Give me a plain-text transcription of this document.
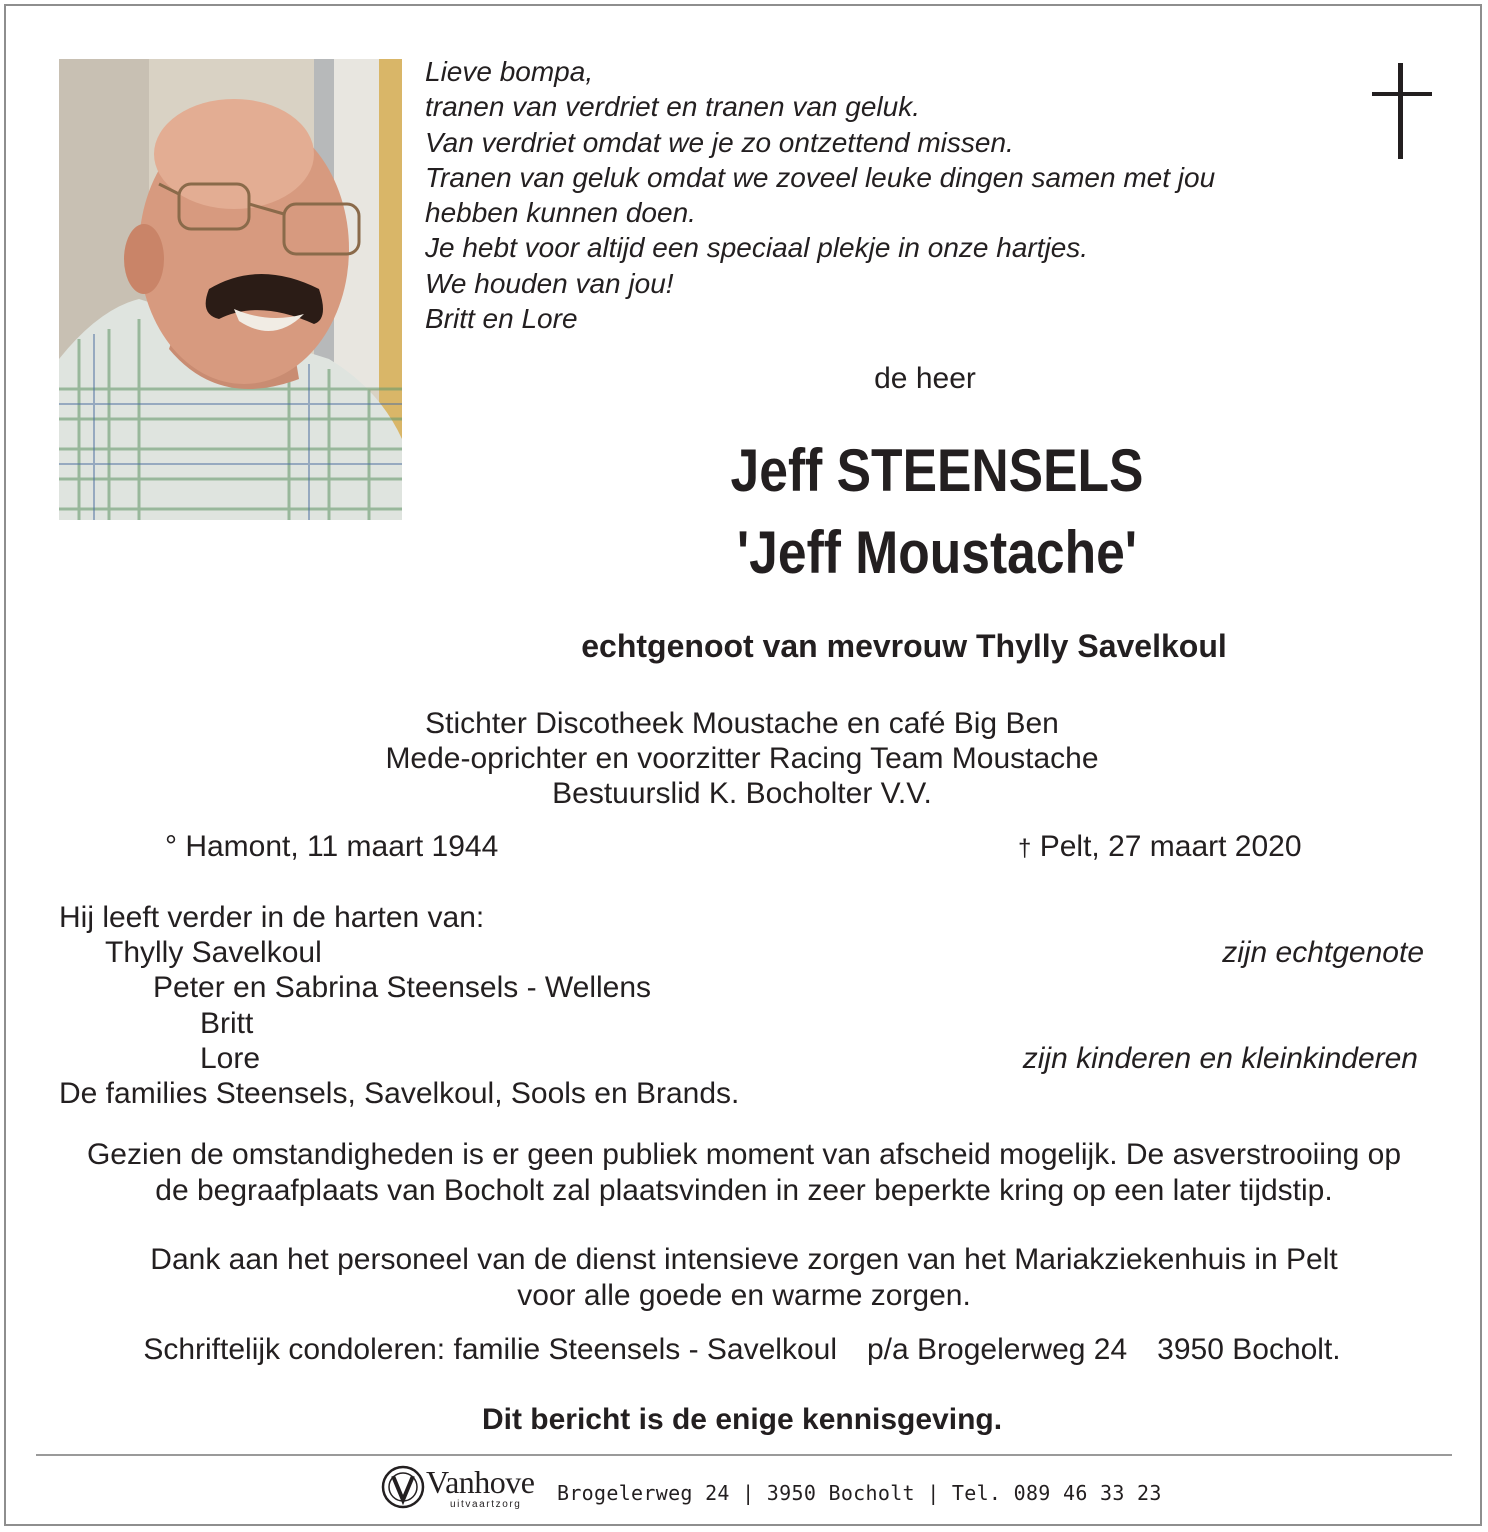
Lieve bompa,
tranen van verdriet en tranen van geluk.
Van verdriet omdat we je zo ontzettend missen.
Tranen van geluk omdat we zoveel leuke dingen samen met jou
hebben kunnen doen.
Je hebt voor altijd een speciaal plekje in onze hartjes.
We houden van jou!
Britt en Lore
de heer
Jeff STEENSELS
'Jeff Moustache'
echtgenoot van mevrouw Thylly Savelkoul
Stichter Discotheek Moustache en café Big Ben
Mede-oprichter en voorzitter Racing Team Moustache
Bestuurslid K. Bocholter V.V.
° Hamont, 11 maart 1944	† Pelt, 27 maart 2020
Hij leeft verder in de harten van:
Thylly Savelkoul	zijn echtgenote
Peter en Sabrina Steensels - Wellens
Britt
Lore	zijn kinderen en kleinkinderen
De families Steensels, Savelkoul, Sools en Brands.
Gezien de omstandigheden is er geen publiek moment van afscheid mogelijk. De asverstrooiing op
de begraafplaats van Bocholt zal plaatsvinden in zeer beperkte kring op een later tijdstip.
Dank aan het personeel van de dienst intensieve zorgen van het Mariakziekenhuis in Pelt
voor alle goede en warme zorgen.
Schriftelijk condoleren: familie Steensels - Savelkoul p/a Brogelerweg 24 3950 Bocholt.
Dit bericht is de enige kennisgeving.
Vanhove
uitvaartzorg Brogelerweg 24 | 3950 Bocholt | Tel. 089 46 33 23
